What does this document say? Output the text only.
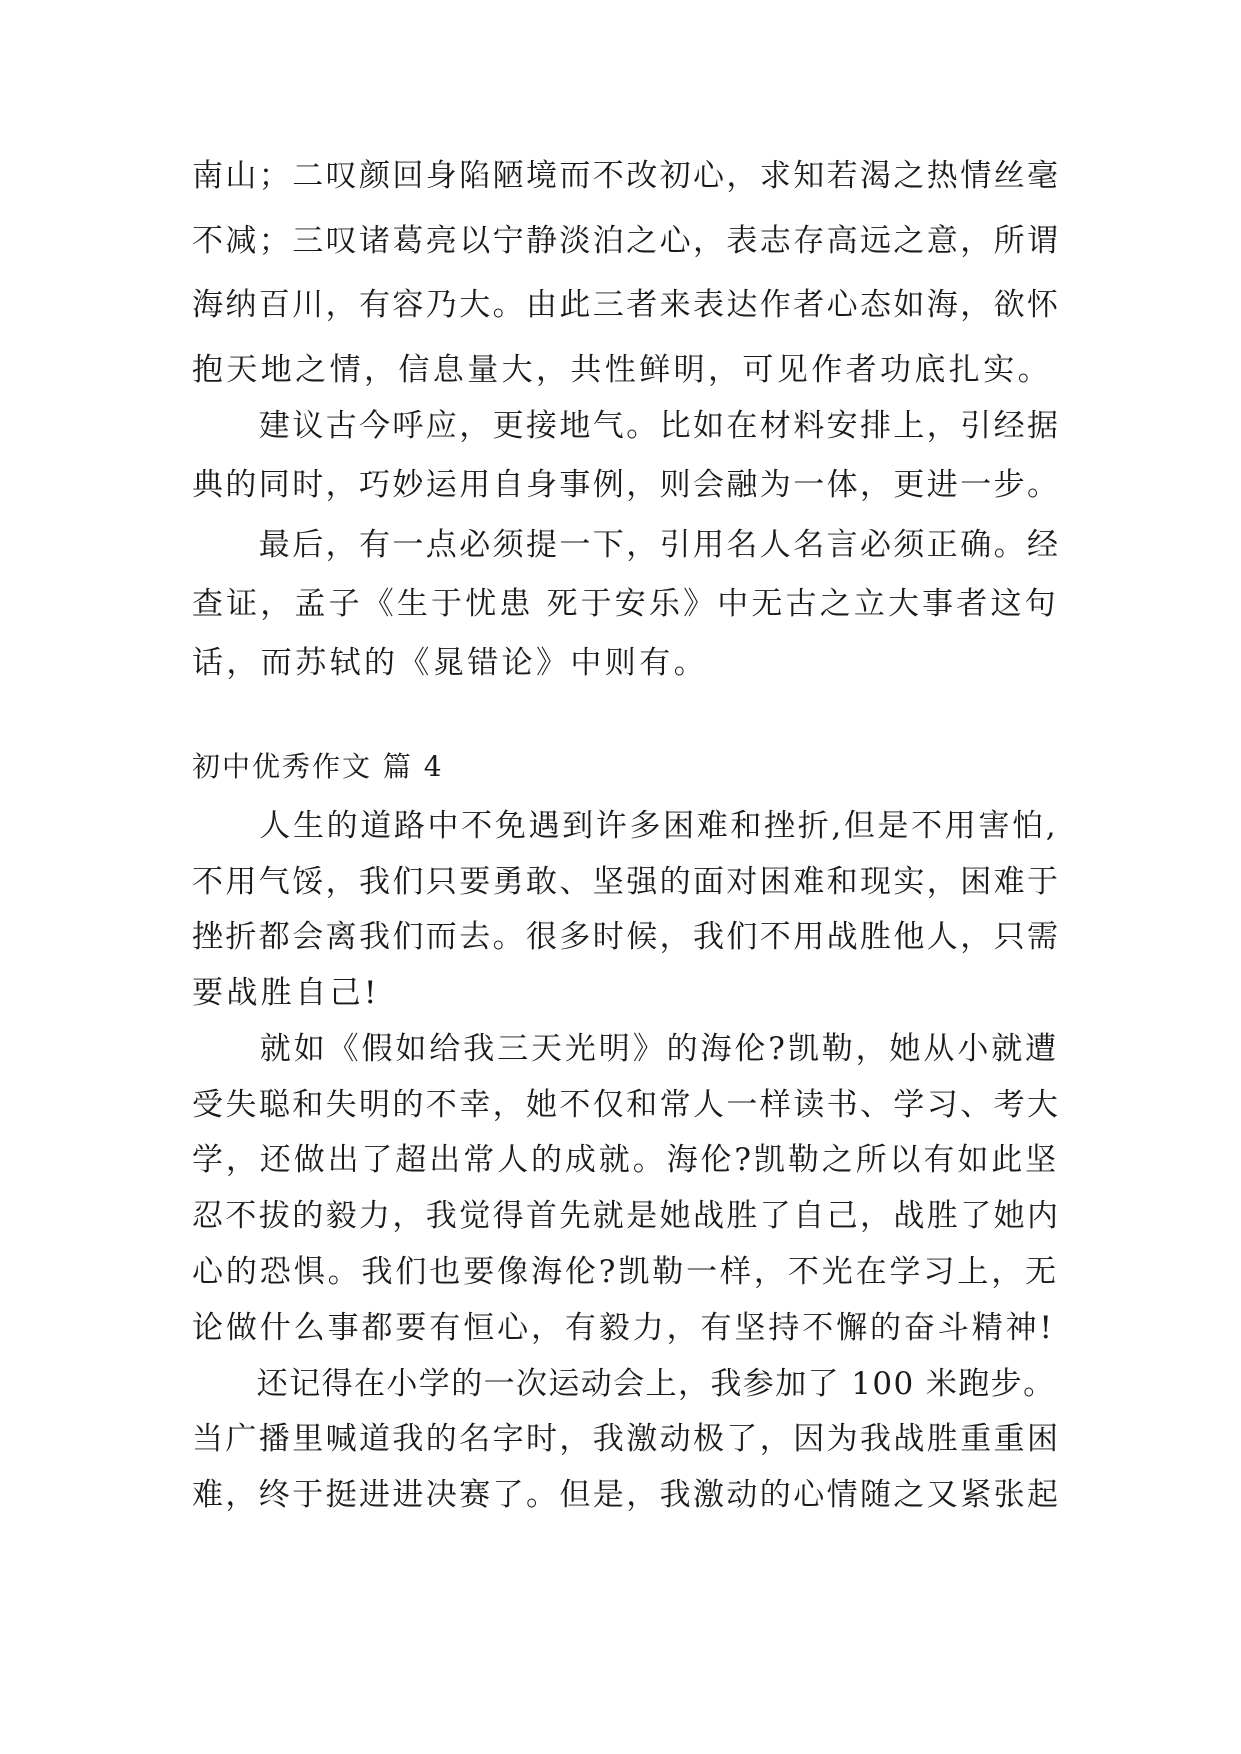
南山；二叹颜回身陷陋境而不改初心，求知若渴之热情丝毫
不减；三叹诸葛亮以宁静淡泊之心，表志存高远之意，所谓
海纳百川，有容乃大。由此三者来表达作者心态如海，欲怀
抱天地之情，信息量大，共性鲜明，可见作者功底扎实。
　　建议古今呼应，更接地气。比如在材料安排上，引经据
典的同时，巧妙运用自身事例，则会融为一体，更进一步。
　　最后，有一点必须提一下，引用名人名言必须正确。经
查证，孟子《生于忧患 死于安乐》中无古之立大事者这句
话，而苏轼的《晁错论》中则有。
初中优秀作文 篇 4
　　人生的道路中不免遇到许多困难和挫折,但是不用害怕,
不用气馁，我们只要勇敢、坚强的面对困难和现实，困难于
挫折都会离我们而去。很多时候，我们不用战胜他人，只需
要战胜自己!
　　就如《假如给我三天光明》的海伦?凯勒，她从小就遭
受失聪和失明的不幸，她不仅和常人一样读书、学习、考大
学，还做出了超出常人的成就。海伦?凯勒之所以有如此坚
忍不拔的毅力，我觉得首先就是她战胜了自己，战胜了她内
心的恐惧。我们也要像海伦?凯勒一样，不光在学习上，无
论做什么事都要有恒心，有毅力，有坚持不懈的奋斗精神!
　　还记得在小学的一次运动会上，我参加了 100 米跑步。
当广播里喊道我的名字时，我激动极了，因为我战胜重重困
难，终于挺进进决赛了。但是，我激动的心情随之又紧张起
